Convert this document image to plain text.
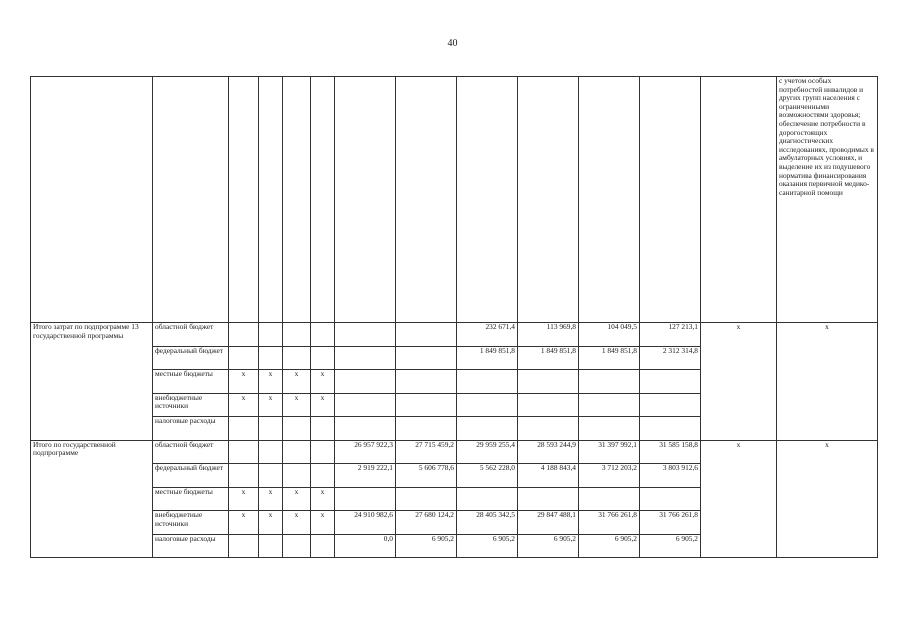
40
													с учетом особых потребностей инвалидов и других групп населения с ограниченными возможностями здоровья; обеспечение потребности в дорогостоящих диагностических исследованиях, проводимых в амбулаторных условиях, и выделение их из подушевого норматива финансирования оказания первичной медико-санитарной помощи
Итого затрат по подпрограмме 13 государственной программы	областной бюджет							232 671,4	113 969,8	104 049,5	127 213,1	x	x
	федеральный бюджет							1 849 851,8	1 849 851,8	1 849 851,8	2 312 314,8		
	местные бюджеты	x	x	x	x								
	внебюджетные источники	x	x	x	x								
	налоговые расходы												
Итого по государственной подпрограмме	областной бюджет					26 957 922,3	27 715 459,2	29 959 255,4	28 593 244,9	31 397 992,1	31 585 158,8	x	x
	федеральный бюджет					2 919 222,1	5 606 778,6	5 562 228,0	4 188 843,4	3 712 203,2	3 803 912,6		
	местные бюджеты	x	x	x	x								
	внебюджетные источники	x	x	x	x	24 910 982,6	27 680 124,2	28 405 342,5	29 847 488,1	31 766 261,8	31 766 261,8		
	налоговые расходы					0,0	6 905,2	6 905,2	6 905,2	6 905,2	6 905,2		
